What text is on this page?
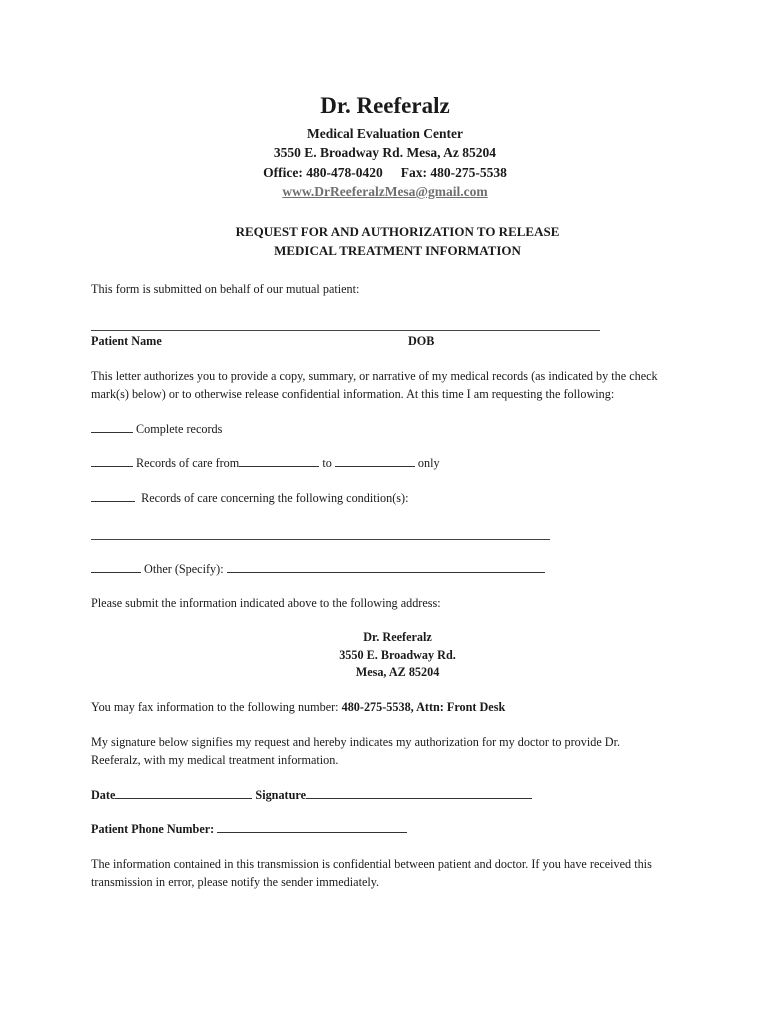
Dr. Reeferalz
Medical Evaluation Center
3550 E. Broadway Rd. Mesa, Az 85204
Office: 480-478-0420 Fax: 480-275-5538
www.DrReeferalzMesa@gmail.com
REQUEST FOR AND AUTHORIZATION TO RELEASE
MEDICAL TREATMENT INFORMATION
This form is submitted on behalf of our mutual patient:
Patient Name	DOB
This letter authorizes you to provide a copy, summary, or narrative of my medical records (as indicated by the check mark(s) below) or to otherwise release confidential information. At this time I am requesting the following:
Complete records
Records of care from	to	only
Records of care concerning the following condition(s):
Other (Specify):
Please submit the information indicated above to the following address:
Dr. Reeferalz
3550 E. Broadway Rd.
Mesa, AZ 85204
You may fax information to the following number: 480-275-5538, Attn: Front Desk
My signature below signifies my request and hereby indicates my authorization for my doctor to provide Dr. Reeferalz, with my medical treatment information.
Date	Signature
Patient Phone Number:
The information contained in this transmission is confidential between patient and doctor. If you have received this transmission in error, please notify the sender immediately.
